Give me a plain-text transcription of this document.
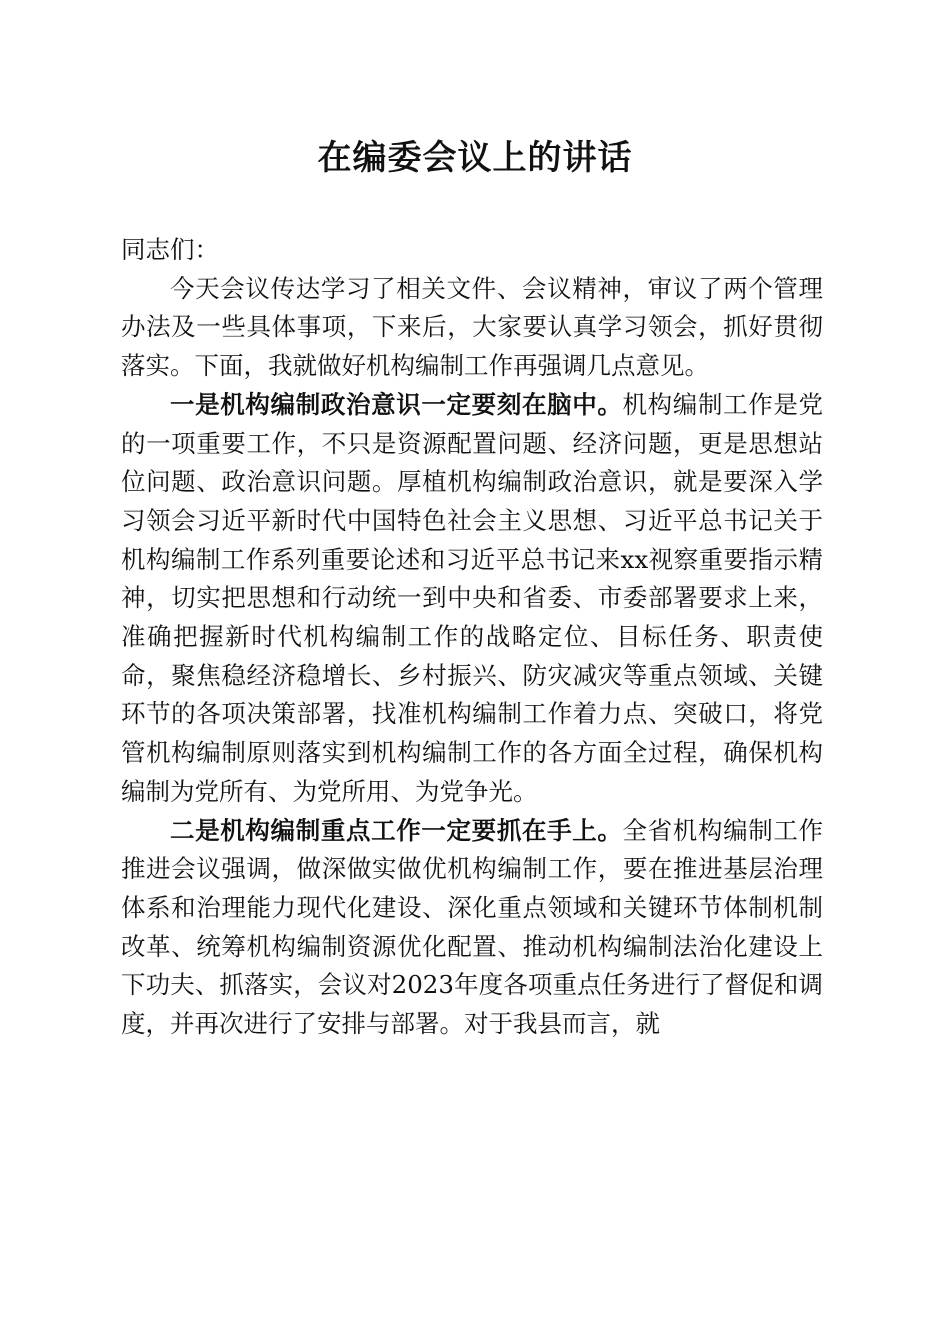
在编委会议上的讲话

同志们：

今天会议传达学习了相关文件、会议精神，审议了两个管理办法及一些具体事项，下来后，大家要认真学习领会，抓好贯彻落实。下面，我就做好机构编制工作再强调几点意见。

一是机构编制政治意识一定要刻在脑中。机构编制工作是党的一项重要工作，不只是资源配置问题、经济问题，更是思想站位问题、政治意识问题。厚植机构编制政治意识，就是要深入学习领会习近平新时代中国特色社会主义思想、习近平总书记关于机构编制工作系列重要论述和习近平总书记来xx视察重要指示精神，切实把思想和行动统一到中央和省委、市委部署要求上来，准确把握新时代机构编制工作的战略定位、目标任务、职责使命，聚焦稳经济稳增长、乡村振兴、防灾减灾等重点领域、关键环节的各项决策部署，找准机构编制工作着力点、突破口，将党管机构编制原则落实到机构编制工作的各方面全过程，确保机构编制为党所有、为党所用、为党争光。

二是机构编制重点工作一定要抓在手上。全省机构编制工作推进会议强调，做深做实做优机构编制工作，要在推进基层治理体系和治理能力现代化建设、深化重点领域和关键环节体制机制改革、统筹机构编制资源优化配置、推动机构编制法治化建设上下功夫、抓落实，会议对2023年度各项重点任务进行了督促和调度，并再次进行了安排与部署。对于我县而言，就
